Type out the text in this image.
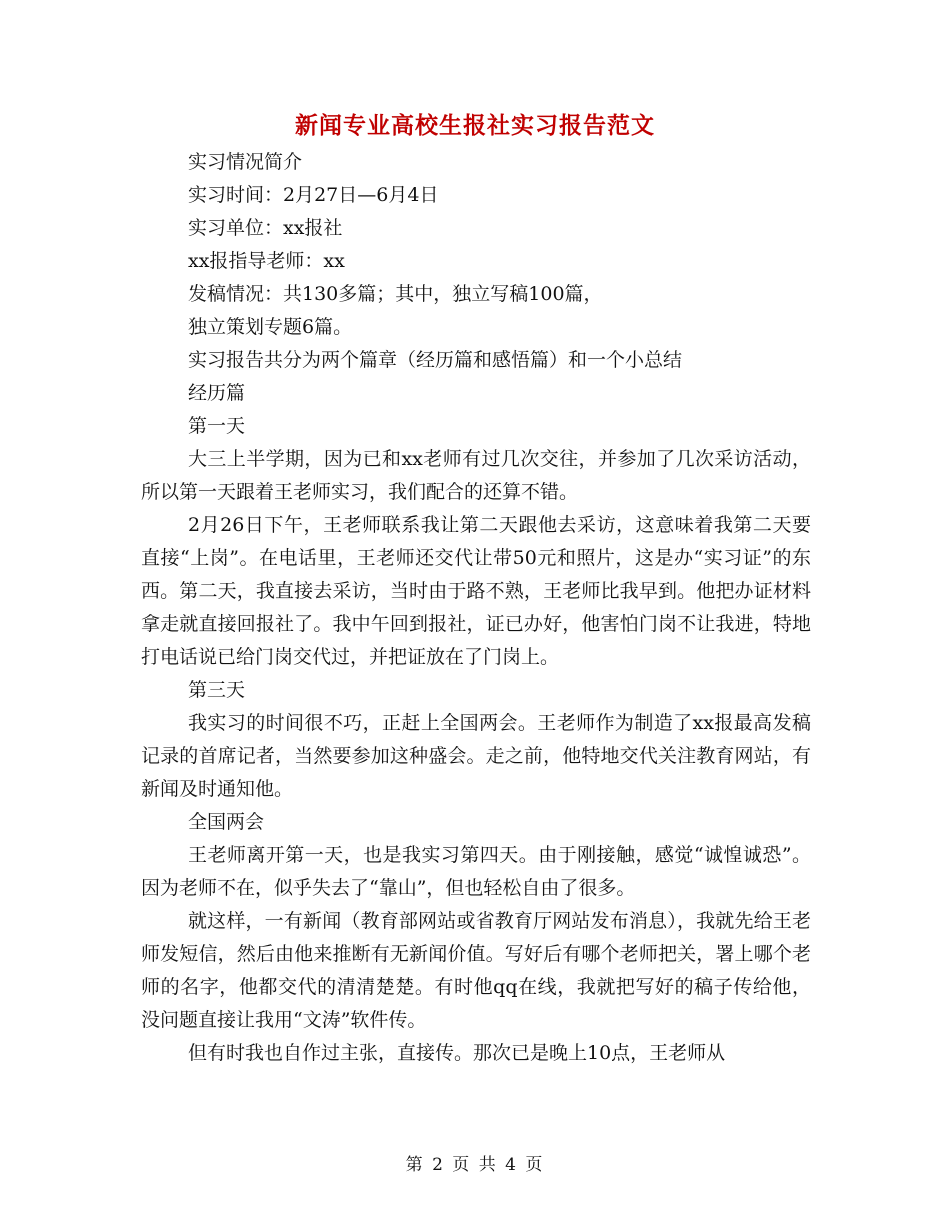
新闻专业高校生报社实习报告范文

实习情况简介

实习时间：2月27日—6月4日

实习单位：xx报社

xx报指导老师：xx

发稿情况：共130多篇；其中，独立写稿100篇，

独立策划专题6篇。

实习报告共分为两个篇章（经历篇和感悟篇）和一个小总结

经历篇

第一天

大三上半学期，因为已和xx老师有过几次交往，并参加了几次采访活动，所以第一天跟着王老师实习，我们配合的还算不错。

2月26日下午，王老师联系我让第二天跟他去采访，这意味着我第二天要直接“上岗”。在电话里，王老师还交代让带50元和照片，这是办“实习证”的东西。第二天，我直接去采访，当时由于路不熟，王老师比我早到。他把办证材料拿走就直接回报社了。我中午回到报社，证已办好，他害怕门岗不让我进，特地打电话说已给门岗交代过，并把证放在了门岗上。

第三天

我实习的时间很不巧，正赶上全国两会。王老师作为制造了xx报最高发稿记录的首席记者，当然要参加这种盛会。走之前，他特地交代关注教育网站，有新闻及时通知他。

全国两会

王老师离开第一天，也是我实习第四天。由于刚接触，感觉“诚惶诚恐”。因为老师不在，似乎失去了“靠山”，但也轻松自由了很多。

就这样，一有新闻（教育部网站或省教育厅网站发布消息），我就先给王老师发短信，然后由他来推断有无新闻价值。写好后有哪个老师把关，署上哪个老师的名字，他都交代的清清楚楚。有时他qq在线，我就把写好的稿子传给他，没问题直接让我用“文涛”软件传。

但有时我也自作过主张，直接传。那次已是晚上10点，王老师从

第 2 页 共 4 页
